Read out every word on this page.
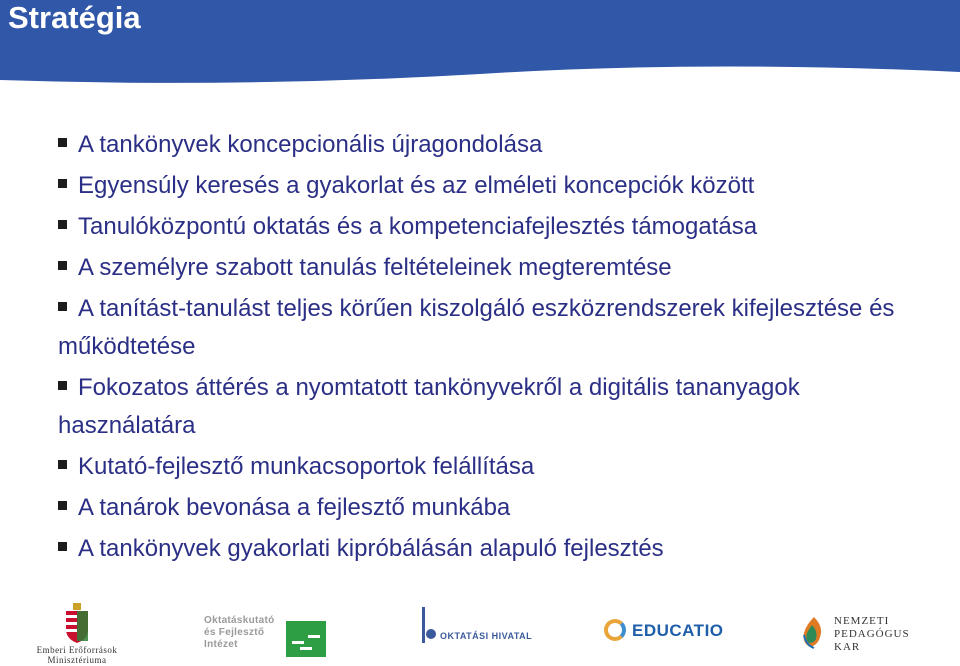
Stratégia
A tankönyvek koncepcionális újragondolása
Egyensúly keresés a gyakorlat és az elméleti koncepciók között
Tanulóközpontú oktatás és a kompetenciafejlesztés támogatása
A személyre szabott tanulás feltételeinek megteremtése
A tanítást-tanulást teljes körűen kiszolgáló eszközrendszerek kifejlesztése és működtetése
Fokozatos áttérés a nyomtatott tankönyvekről a digitális tananyagok használatára
Kutató-fejlesztő munkacsoportok felállítása
A tanárok bevonása a fejlesztő munkába
A tankönyvek gyakorlati kipróbálásán alapuló fejlesztés
Emberi Erőforrások Minisztériuma
Oktatáskutató és Fejlesztő Intézet
OKTATÁSI HIVATAL	EDUCATIO	NEMZETI PEDAGÓGUS KAR
